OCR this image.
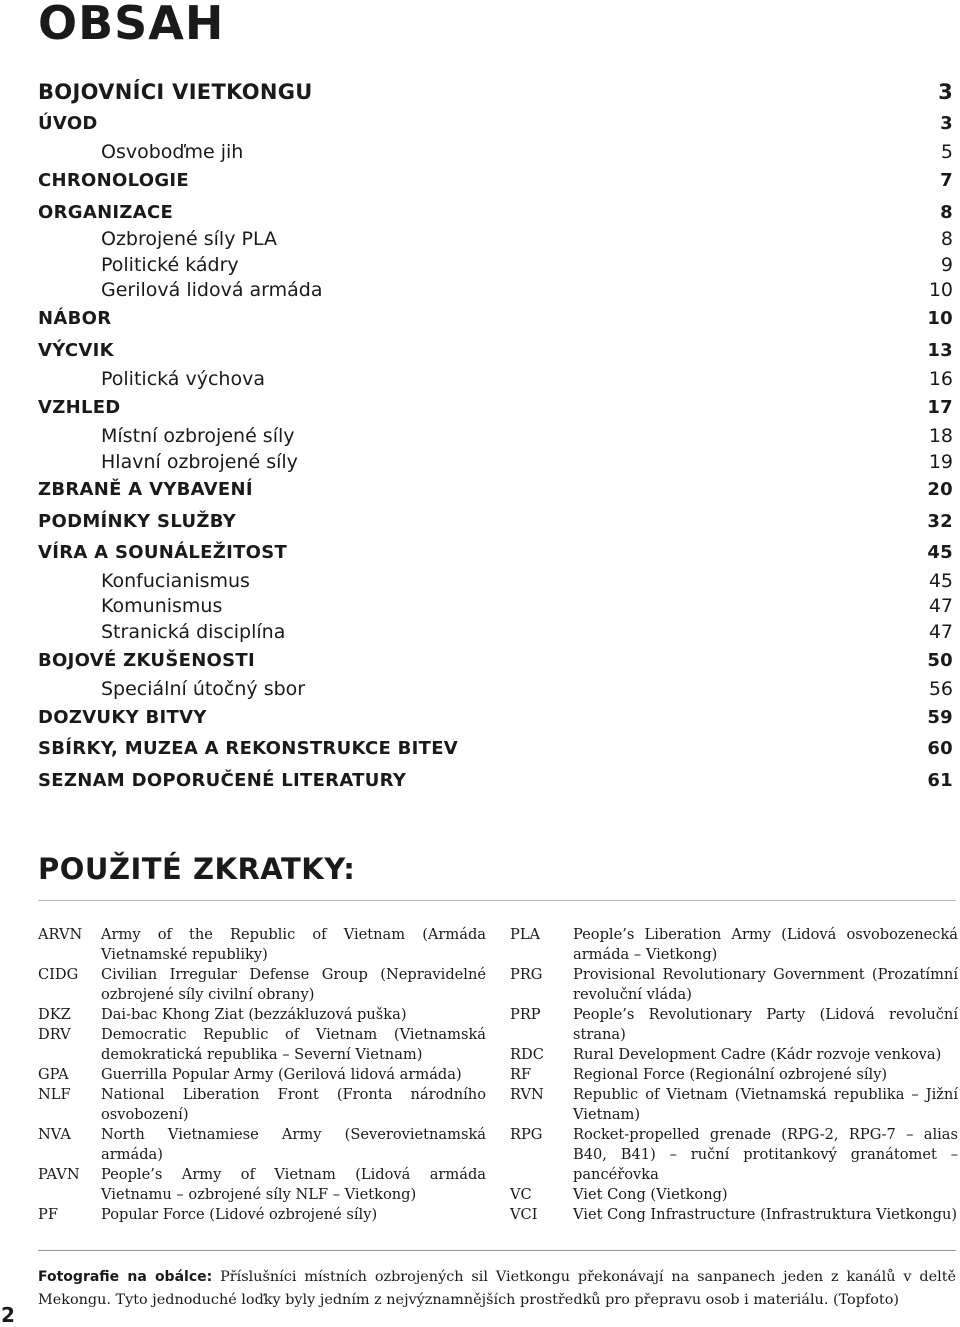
OBSAH
BOJOVNÍCI VIETKONGU	3
ÚVOD	3
Osvoboďme jih	5
CHRONOLOGIE	7
ORGANIZACE	8
Ozbrojené síly PLA	8
Politické kádry	9
Gerilová lidová armáda	10
NÁBOR	10
VÝCVIK	13
Politická výchova	16
VZHLED	17
Místní ozbrojené síly	18
Hlavní ozbrojené síly	19
ZBRANĚ A VYBAVENÍ	20
PODMÍNKY SLUŽBY	32
VÍRA A SOUNÁLEŽITOST	45
Konfucianismus	45
Komunismus	47
Stranická disciplína	47
BOJOVÉ ZKUŠENOSTI	50
Speciální útočný sbor	56
DOZVUKY BITVY	59
SBÍRKY, MUZEA A REKONSTRUKCE BITEV	60
SEZNAM DOPORUČENÉ LITERATURY	61
POUŽITÉ ZKRATKY:
ARVN	Army of the Republic of Vietnam (Armáda Vietnamské republiky)
CIDG	Civilian Irregular Defense Group (Nepravidelné ozbrojené síly civilní obrany)
DKZ	Dai-bac Khong Ziat (bezzákluzová puška)
DRV	Democratic Republic of Vietnam (Vietnamská demokratická republika – Severní Vietnam)
GPA	Guerrilla Popular Army (Gerilová lidová armáda)
NLF	National Liberation Front (Fronta národního osvobození)
NVA	North Vietnamiese Army (Severovietnamská armáda)
PAVN	People’s Army of Vietnam (Lidová armáda Vietnamu – ozbrojené síly NLF – Vietkong)
PF	Popular Force (Lidové ozbrojené síly)
PLA	People’s Liberation Army (Lidová osvobozenecká armáda – Vietkong)
PRG	Provisional Revolutionary Government (Prozatímní revoluční vláda)
PRP	People’s Revolutionary Party (Lidová revoluční strana)
RDC	Rural Development Cadre (Kádr rozvoje venkova)
RF	Regional Force (Regionální ozbrojené síly)
RVN	Republic of Vietnam (Vietnamská republika – Jižní Vietnam)
RPG	Rocket-propelled grenade (RPG-2, RPG-7 – alias B40, B41) – ruční protitankový granátomet – pancéřovka
VC	Viet Cong (Vietkong)
VCI	Viet Cong Infrastructure (Infrastruktura Vietkongu)

Fotografie na obálce: Příslušníci místních ozbrojených sil Vietkongu překonávají na sanpanech jeden z kanálů v deltě Mekongu. Tyto jednoduché loďky byly jedním z nejvýznamnějších prostředků pro přepravu osob i materiálu. (Topfoto)

2
